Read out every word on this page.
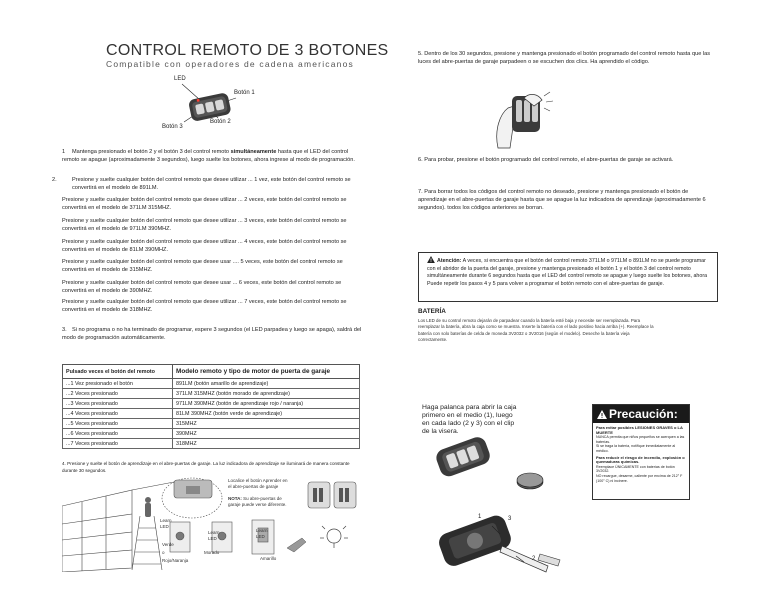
CONTROL REMOTO DE 3 BOTONES
Compatible con operadores de cadena americanos
LED
Botón 1
Botón 2
Botón 3
1 Mantenga presionado el botón 2 y el botón 3 del control remoto simultáneamente hasta que el LED del control remoto se apague (aproximadamente 3 segundos), luego suelte los botones, ahora ingrese al modo de programación.
2.	Presione y suelte cualquier botón del control remoto que desee utilizar ... 1 vez, este botón del control remoto se convertirá en el modelo de 891LM.
Presione y suelte cualquier botón del control remoto que desee utilizar ... 2 veces, este botón del control remoto se convertirá en el modelo de 371LM 315MHZ.
Presione y suelte cualquier botón del control remoto que desee utilizar ... 3 veces, este botón del control remoto se convertirá en el modelo de 971LM 390MHZ.
Presione y suelte cualquier botón del control remoto que desee utilizar ... 4 veces, este botón del control remoto se convertirá en el modelo de 81LM 390MHZ.
Presione y suelte cualquier botón del control remoto que desee usar .... 5 veces, este botón del control remoto se convertirá en el modelo de 315MHZ.
Presione y suelte cualquier botón del control remoto que desee usar ... 6 veces, este botón del control remoto se convertirá en el modelo de 390MHZ.
Presione y suelte cualquier botón del control remoto que desee utilizar ... 7 veces, este botón del control remoto se convertirá en el modelo de 318MHZ.
3. Si no programa o no ha terminado de programar, espere 3 segundos (el LED parpadea y luego se apaga), saldrá del modo de programación automáticamente.
Pulsado veces el botón del remoto	Modelo remoto y tipo de motor de puerta de garaje
...1 Vez presionado el botón	891LM (botón amarillo de aprendizaje)
...2 Veces presionado	371LM 315MHZ (botón morado de aprendizaje)
...3 Veces presionado	971LM 390MHZ (botón de aprendizaje rojo / naranja)
...4 Veces presionado	81LM 390MHZ (botón verde de aprendizaje)
...5 Veces presionado	315MHZ
...6 Veces presionado	390MHZ
...7 Veces presionado	318MHZ
4. Presione y suelte el botón de aprendizaje en el abre-puertas de garaje. La luz indicadora de aprendizaje se iluminará de manera constante durante 30 segundos.
Localice el botón Aprender en el abre-puertas de garaje
NOTA: Su abre-puertas de garaje puede verse diferente.
Learn LED
Learn LED
Learn LED
Verde
o
Rojo/Naranja
Morado
Amarillo
5. Dentro de los 30 segundos, presione y mantenga presionado el botón programado del control remoto hasta que las luces del abre-puertas de garaje parpadeen o se escuchen dos clics. Ha aprendido el código.
6. Para probar, presione el botón programado del control remoto, el abre-puertas de garaje se activará.
7. Para borrar todos los códigos del control remoto no deseado, presione y mantenga presionado el botón de aprendizaje en el abre-puertas de garaje hasta que se apague la luz indicadora de aprendizaje (aproximadamente 6 segundos). todos los códigos anteriores se borran.
Atención: A veces, si encuentra que el botón del control remoto 371LM o 971LM o 891LM no se puede programar con el abridor de la puerta del garaje, presione y mantenga presionado el botón 1 y el botón 3 del control remoto simultáneamente durante 6 segundos hasta que el LED del control remoto se apague y luego suelte los botones, ahora Puede repetir los pasos 4 y 5 para volver a programar el botón remoto con el abre-puertas de garaje.
BATERÍA
Los LED de su control remoto dejarán de parpadear cuando la batería esté baja y necesite ser reemplazada. Para reemplazar la batería, abra la caja como se muestra. Inserte la batería con el lado positivo hacia arriba (+). Reemplace la batería con solo baterías de celda de moneda 3V2032 o 3V2016 (según el modelo). Deseche la batería vieja correctamente.
Haga palanca para abrir la caja primero en el medio (1), luego en cada lado (2 y 3) con el clip de la visera.
1
2
3
Precaución:
Para evitar posibles LESIONES GRAVES o LA MUERTE
NUNCA permita que niños pequeños se acerquen a las baterías.
Si se traga la batería, notifique inmediatamente al médico.
Para reducir el riesgo de incendio, explosión o quemaduras químicas.
Reemplace ÚNICAMENTE con baterías de botón 3V2032.
NO recargue, desarme, caliente por encima de 212° F (100° C) ni incinere.
